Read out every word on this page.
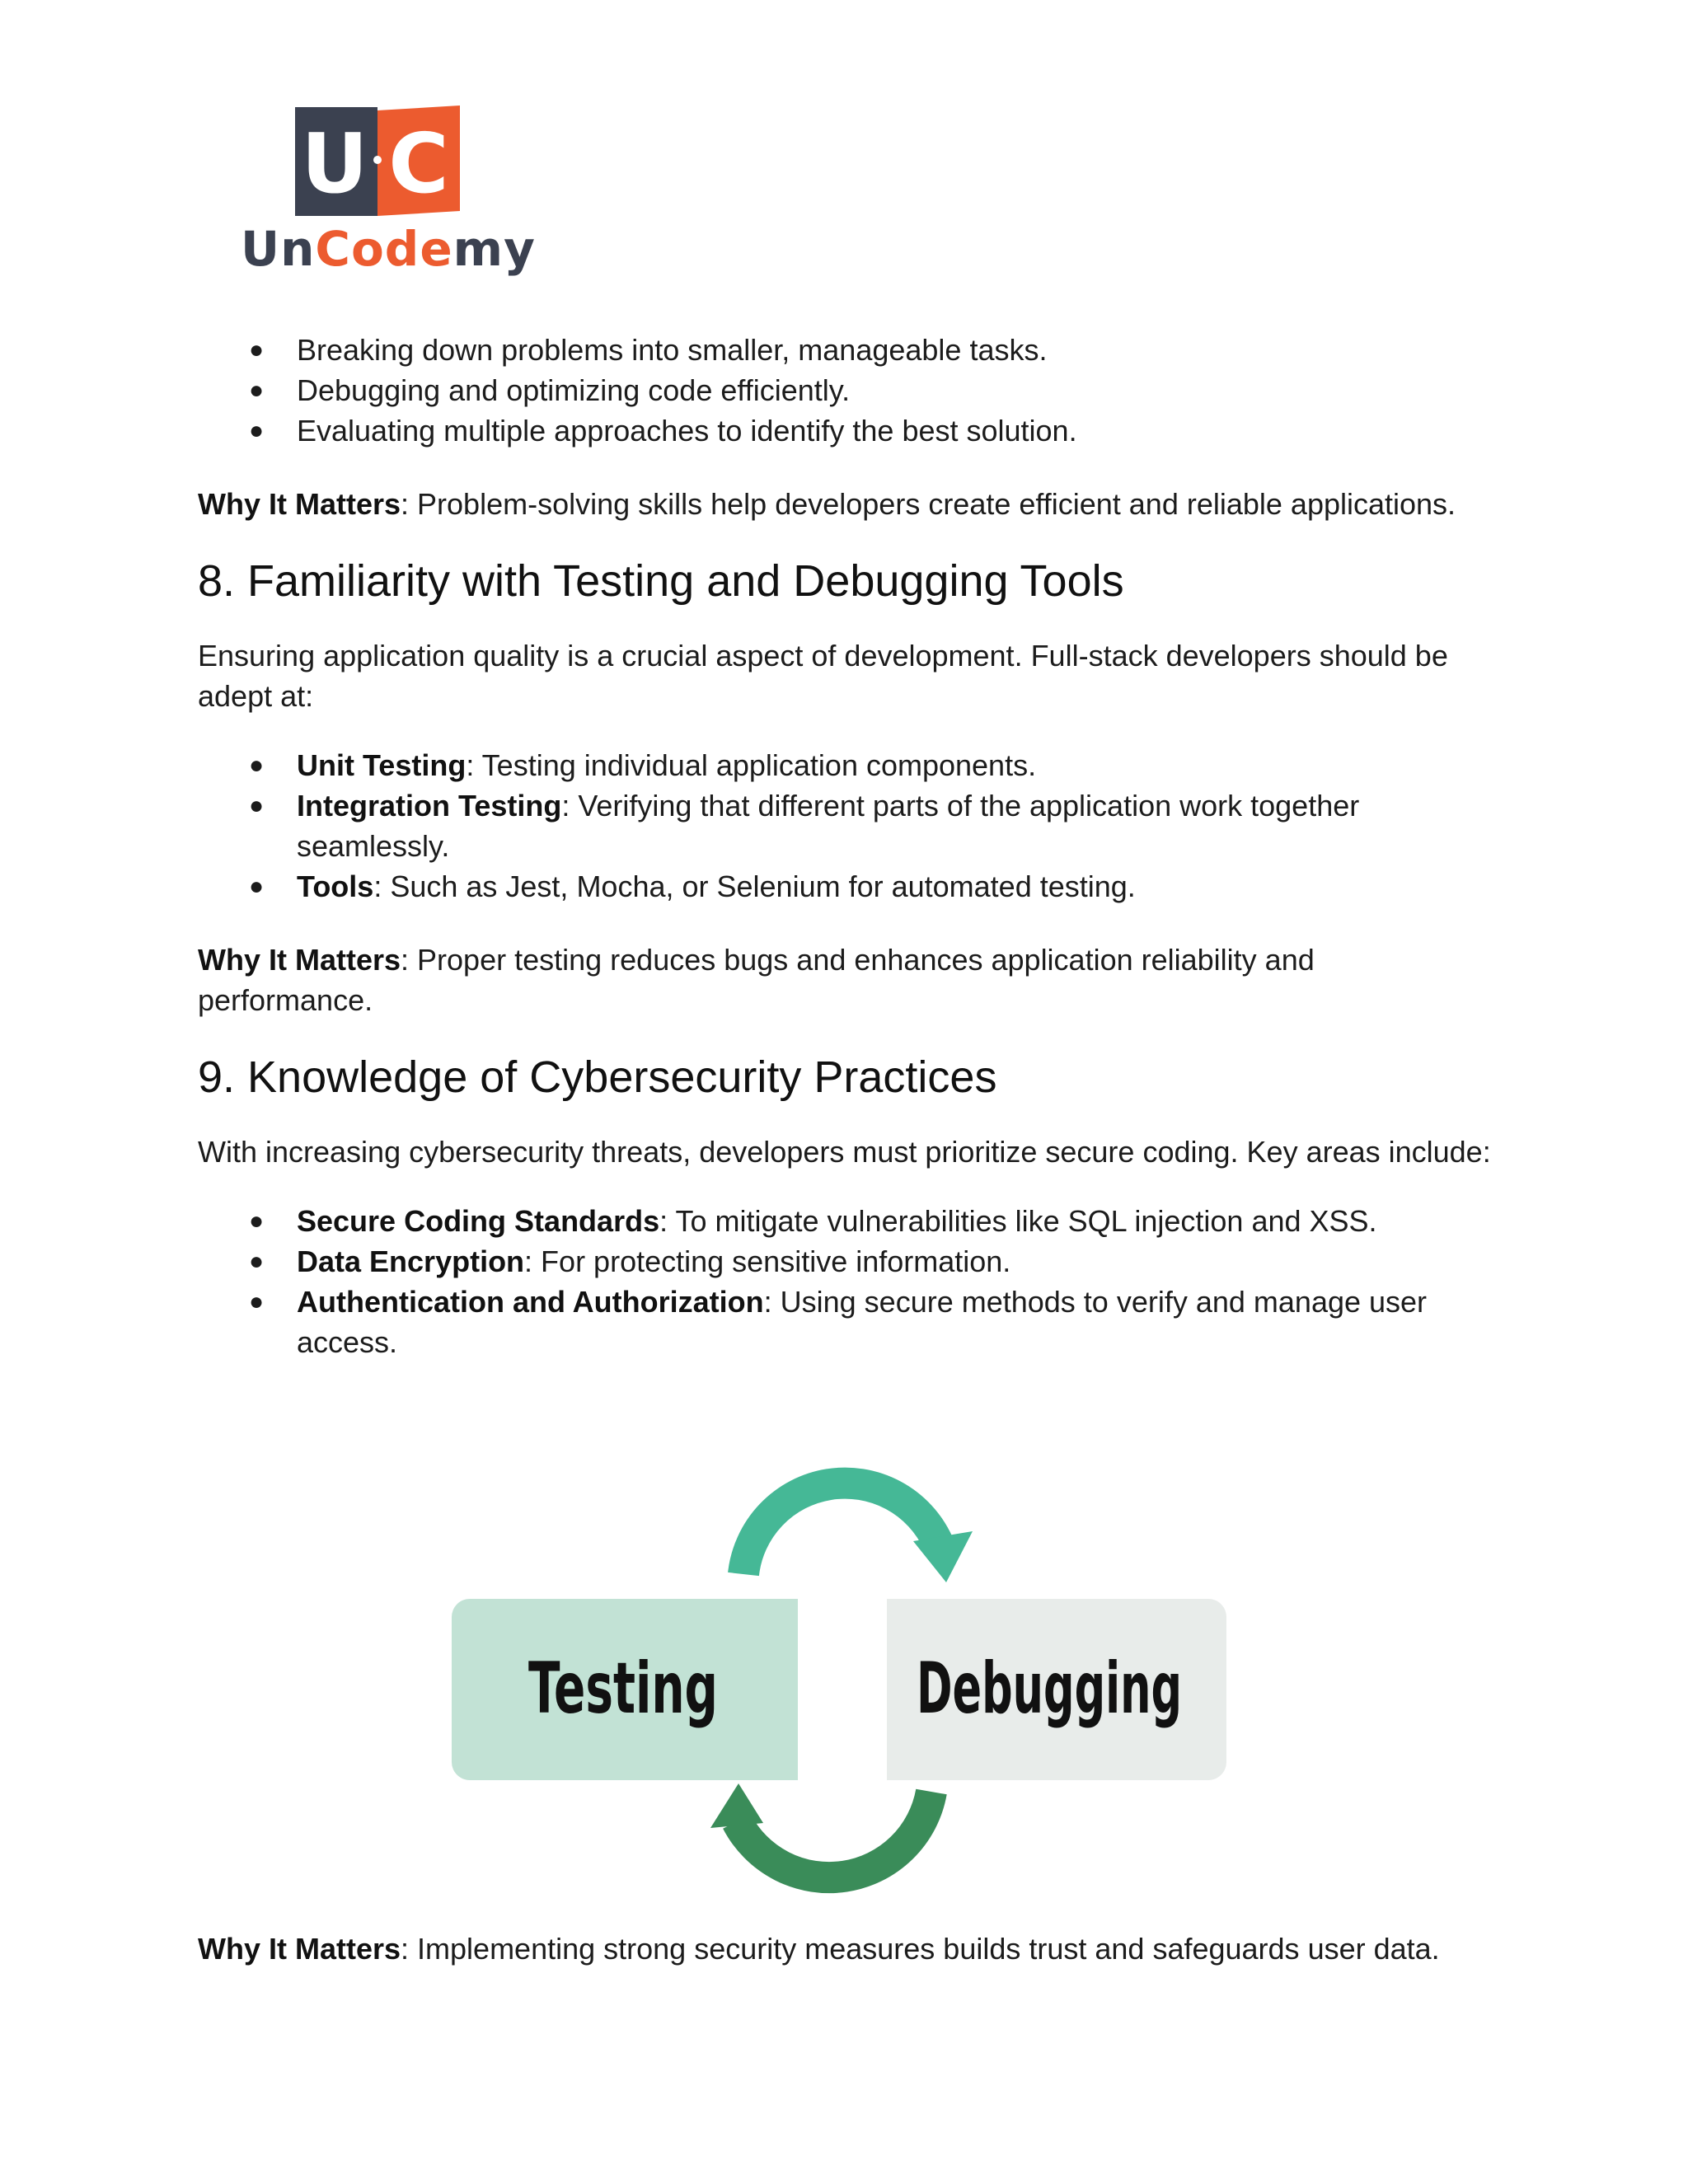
U C
UnCodemy
●	Breaking down problems into smaller, manageable tasks.
●	Debugging and optimizing code efficiently.
●	Evaluating multiple approaches to identify the best solution.

Why It Matters: Problem-solving skills help developers create efficient and reliable applications.

8. Familiarity with Testing and Debugging Tools

Ensuring application quality is a crucial aspect of development. Full-stack developers should be adept at:

●	Unit Testing: Testing individual application components.
●	Integration Testing: Verifying that different parts of the application work together seamlessly.
●	Tools: Such as Jest, Mocha, or Selenium for automated testing.

Why It Matters: Proper testing reduces bugs and enhances application reliability and performance.

9. Knowledge of Cybersecurity Practices

With increasing cybersecurity threats, developers must prioritize secure coding. Key areas include:

●	Secure Coding Standards: To mitigate vulnerabilities like SQL injection and XSS.
●	Data Encryption: For protecting sensitive information.
●	Authentication and Authorization: Using secure methods to verify and manage user access.
Testing	Debugging

Why It Matters: Implementing strong security measures builds trust and safeguards user data.
